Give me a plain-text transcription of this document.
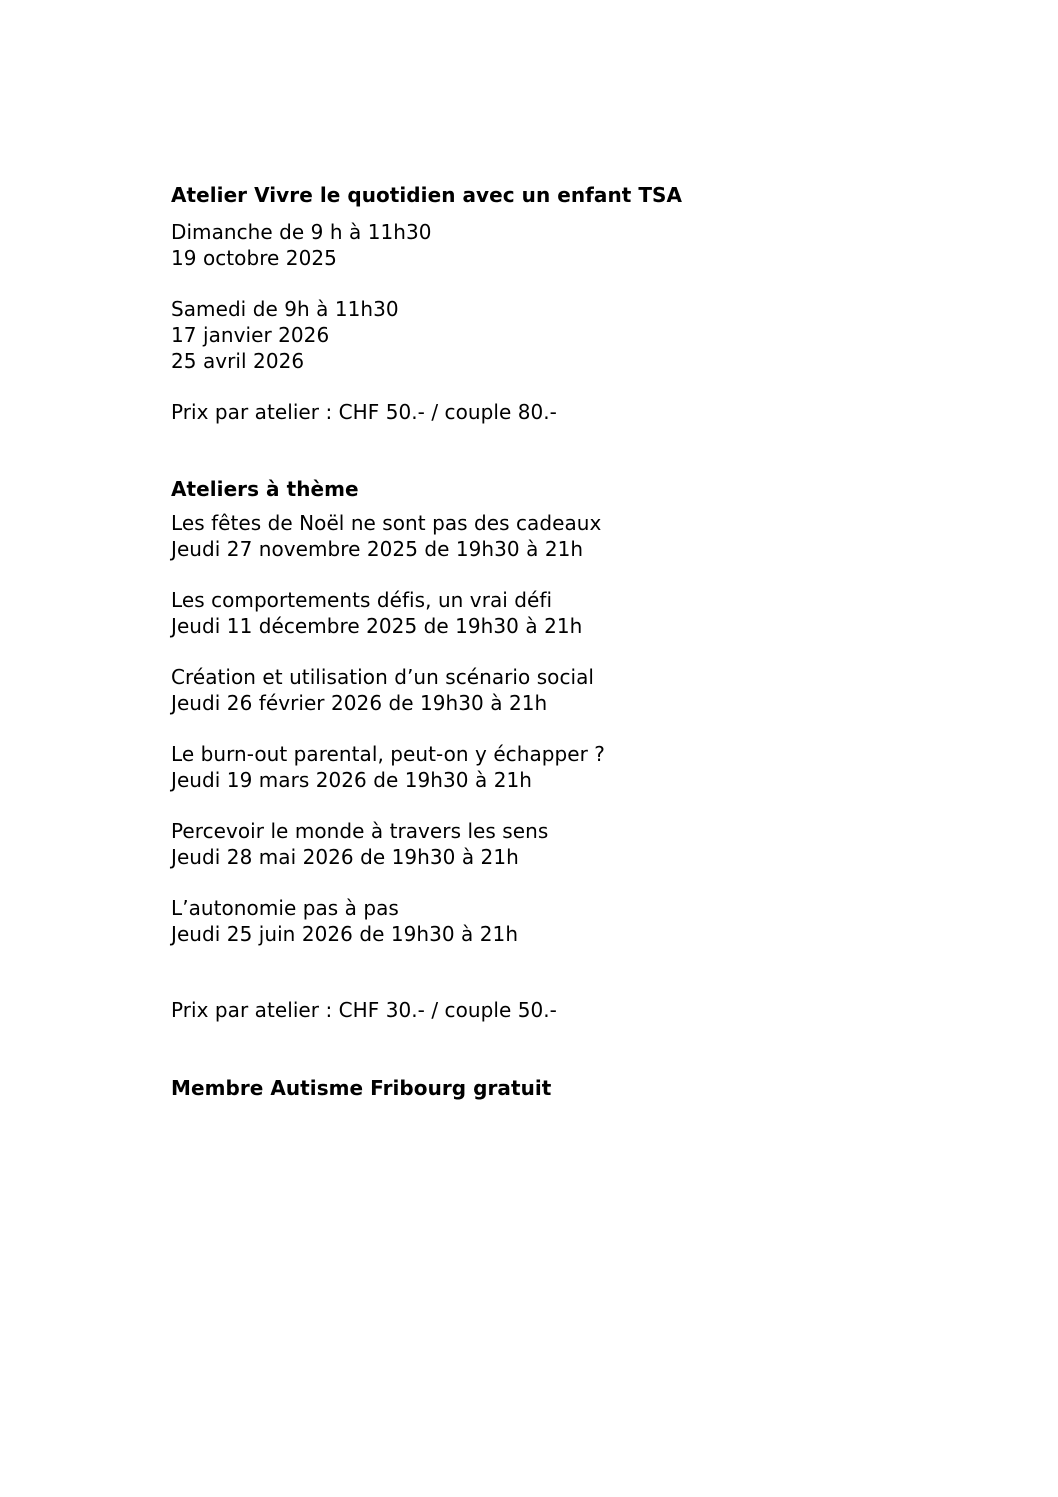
Atelier Vivre le quotidien avec un enfant TSA
Dimanche de 9 h à 11h30
19 octobre 2025
Samedi de 9h à 11h30
17 janvier 2026
25 avril 2026
Prix par atelier : CHF 50.- / couple 80.-
Ateliers à thème
Les fêtes de Noël ne sont pas des cadeaux
Jeudi 27 novembre 2025 de 19h30 à 21h
Les comportements défis, un vrai défi
Jeudi 11 décembre 2025 de 19h30 à 21h
Création et utilisation d’un scénario social
Jeudi 26 février 2026 de 19h30 à 21h
Le burn-out parental, peut-on y échapper ?
Jeudi 19 mars 2026 de 19h30 à 21h
Percevoir le monde à travers les sens
Jeudi 28 mai 2026 de 19h30 à 21h
L’autonomie pas à pas
Jeudi 25 juin 2026 de 19h30 à 21h
Prix par atelier : CHF 30.- / couple 50.-
Membre Autisme Fribourg gratuit
